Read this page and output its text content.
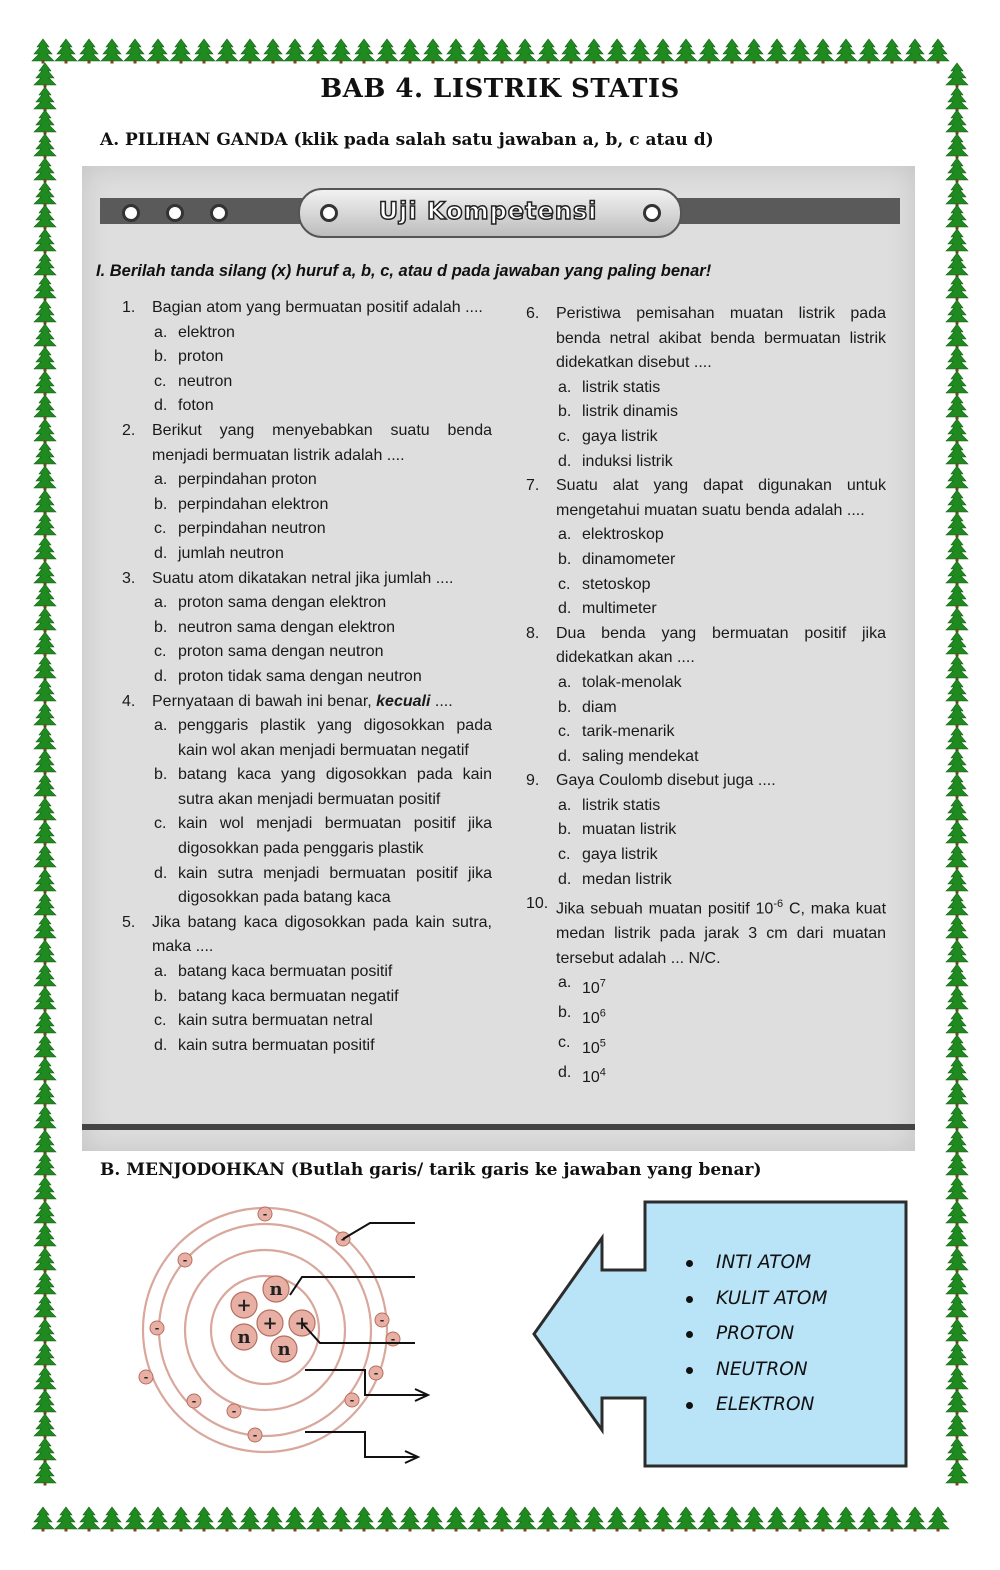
BAB 4. LISTRIK STATIS
A. PILIHAN GANDA (klik pada salah satu jawaban a, b, c atau d)
Uji Kompetensi
I. Berilah tanda silang (x) huruf a, b, c, atau d pada jawaban yang paling benar!
1. Bagian atom yang bermuatan positif adalah ....
a. elektron
b. proton
c. neutron
d. foton
2. Berikut yang menyebabkan suatu benda menjadi bermuatan listrik adalah ....
a. perpindahan proton
b. perpindahan elektron
c. perpindahan neutron
d. jumlah neutron
3. Suatu atom dikatakan netral jika jumlah ....
a. proton sama dengan elektron
b. neutron sama dengan elektron
c. proton sama dengan neutron
d. proton tidak sama dengan neutron
4. Pernyataan di bawah ini benar, kecuali ....
a. penggaris plastik yang digosokkan pada kain wol akan menjadi bermuatan negatif
b. batang kaca yang digosokkan pada kain sutra akan menjadi bermuatan positif
c. kain wol menjadi bermuatan positif jika digosokkan pada penggaris plastik
d. kain sutra menjadi bermuatan positif jika digosokkan pada batang kaca
5. Jika batang kaca digosokkan pada kain sutra, maka ....
a. batang kaca bermuatan positif
b. batang kaca bermuatan negatif
c. kain sutra bermuatan netral
d. kain sutra bermuatan positif
6. Peristiwa pemisahan muatan listrik pada benda netral akibat benda bermuatan listrik didekatkan disebut ....
a. listrik statis
b. listrik dinamis
c. gaya listrik
d. induksi listrik
7. Suatu alat yang dapat digunakan untuk mengetahui muatan suatu benda adalah ....
a. elektroskop
b. dinamometer
c. stetoskop
d. multimeter
8. Dua benda yang bermuatan positif jika didekatkan akan ....
a. tolak-menolak
b. diam
c. tarik-menarik
d. saling mendekat
9. Gaya Coulomb disebut juga ....
a. listrik statis
b. muatan listrik
c. gaya listrik
d. medan listrik
10. Jika sebuah muatan positif $10^{-6}$ C, maka kuat medan listrik pada jarak 3 cm dari muatan tersebut adalah ... N/C.
a. $10^7$
b. $10^6$
c. $10^5$
d. $10^4$
B. MENJODOHKAN (Butlah garis/ tarik garis ke jawaban yang benar)
+
n
+ +
n
n
-
-
-
-
-
-
-
-
-
-
-
-
INTI ATOM
KULIT ATOM
PROTON
NEUTRON
ELEKTRON
